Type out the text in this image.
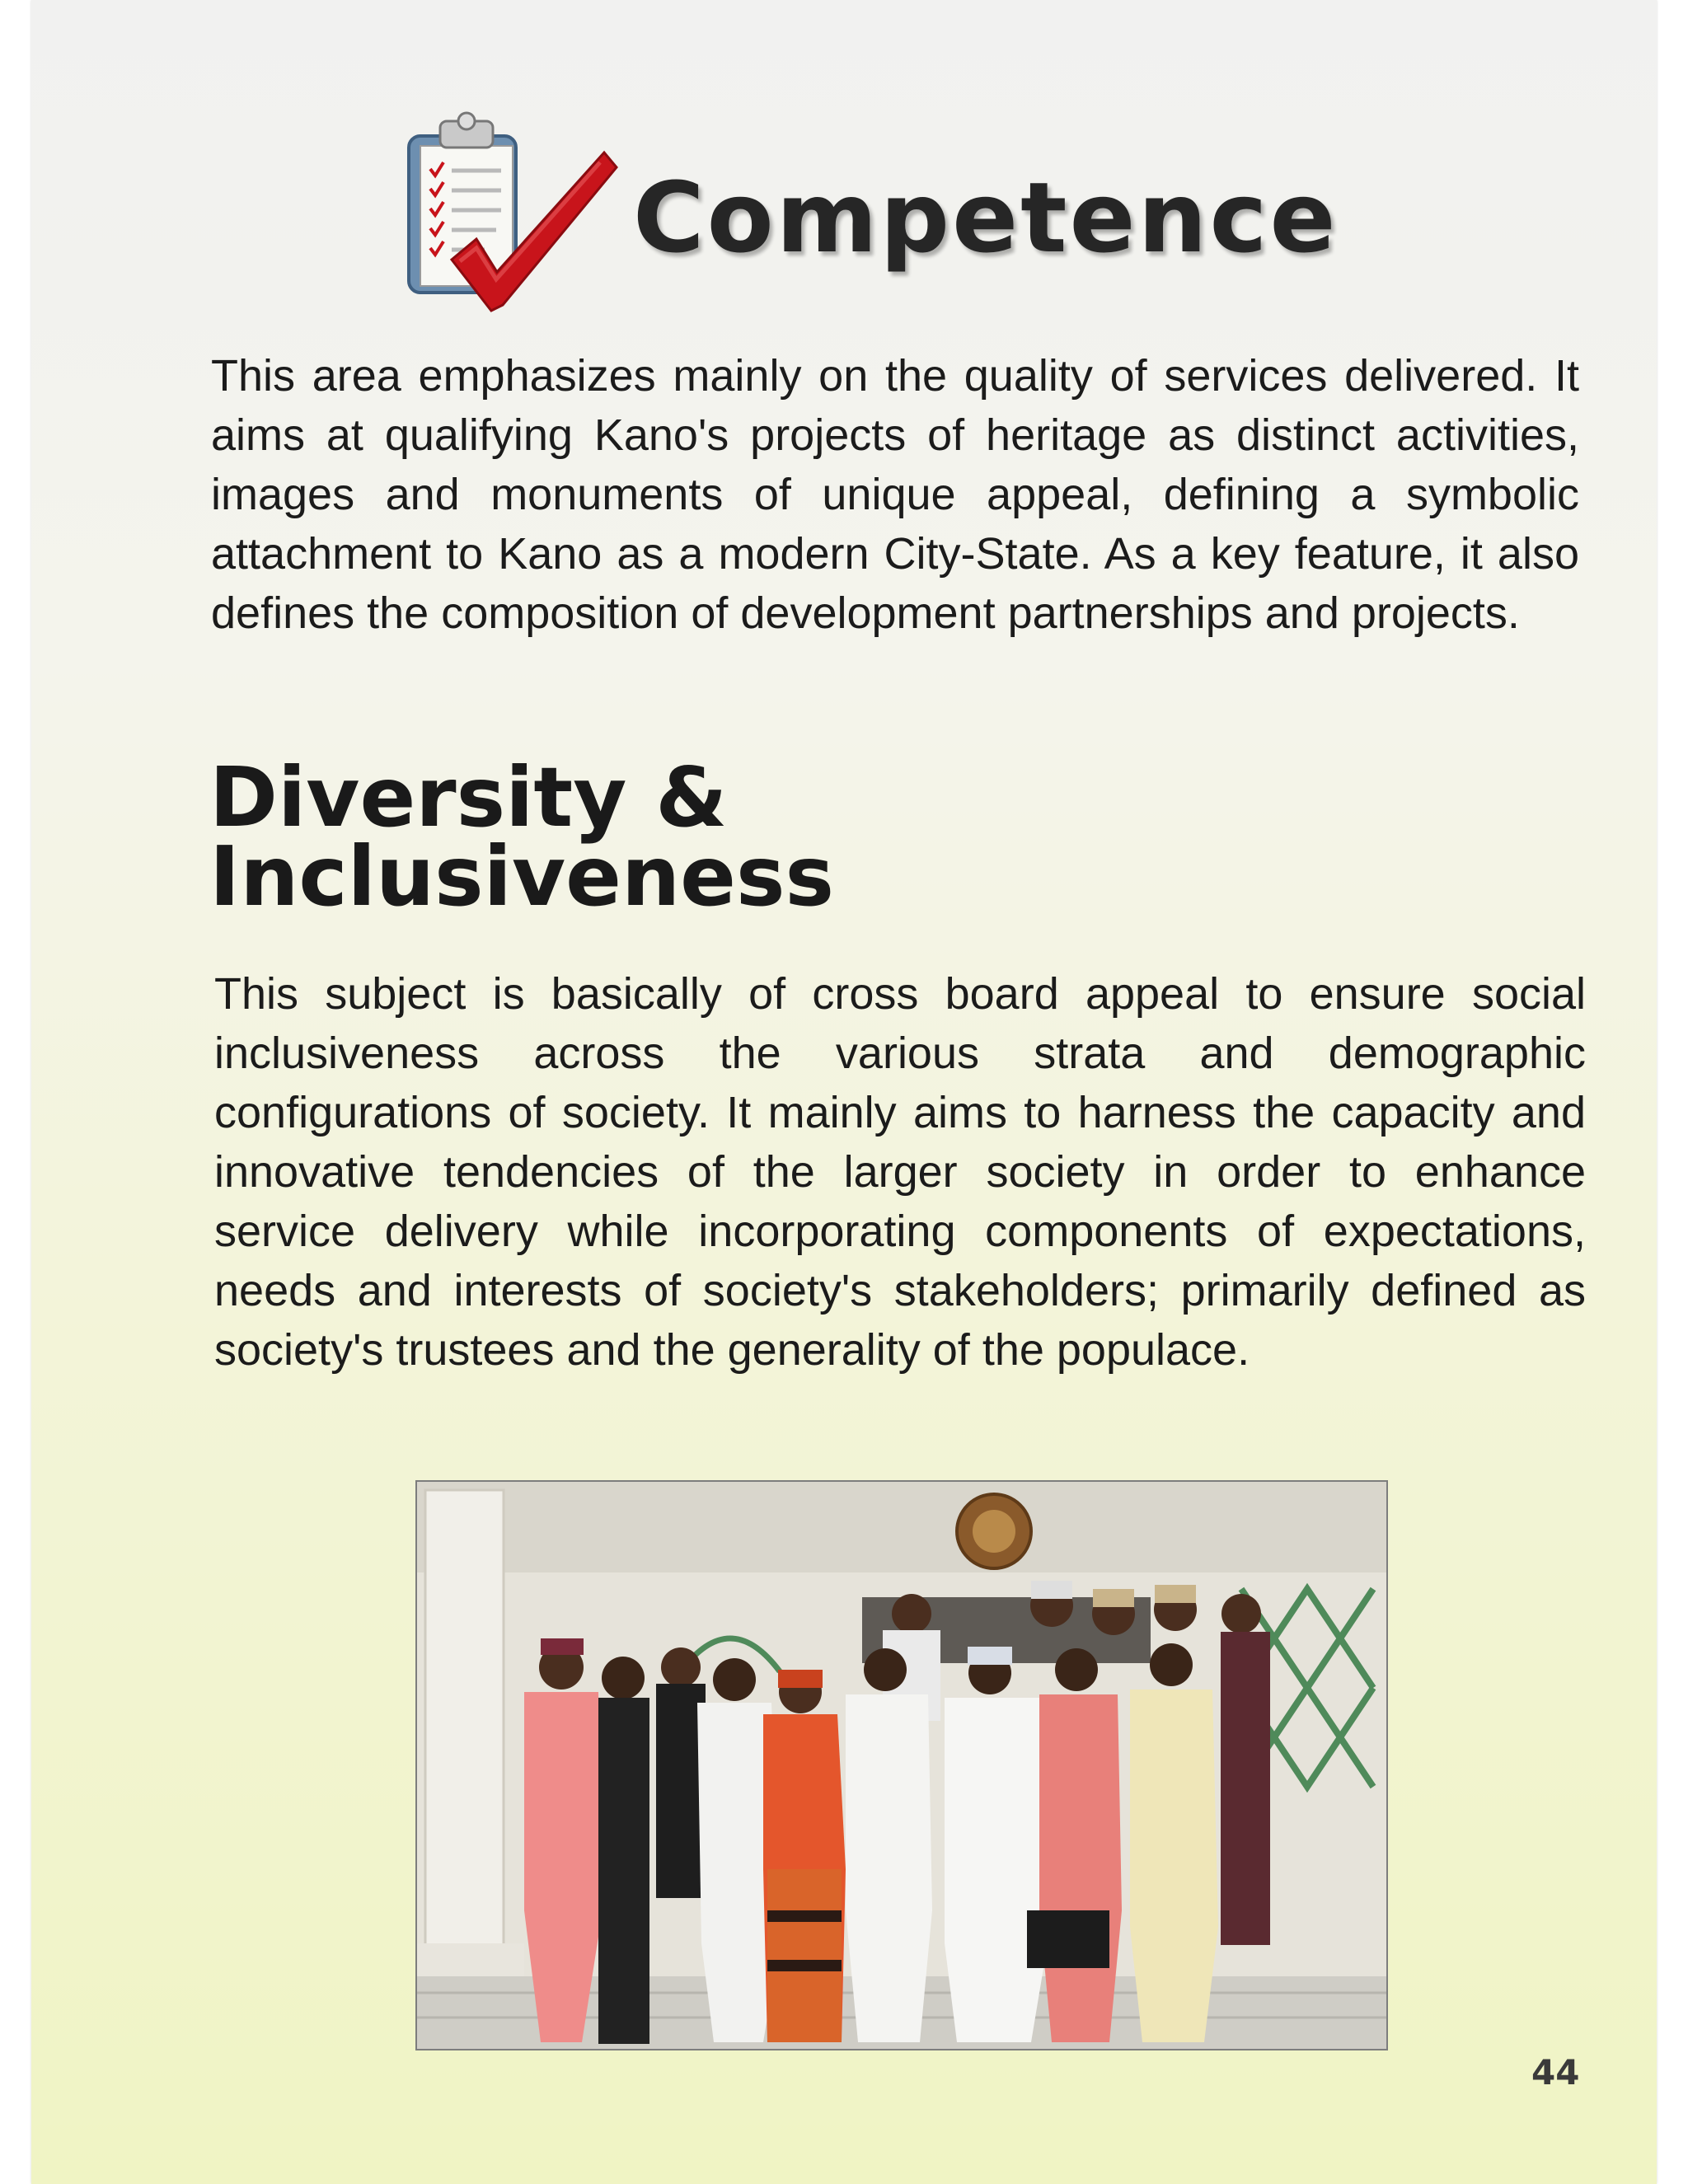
Competence

This area emphasizes mainly on the quality of services delivered. It aims at qualifying Kano's projects of heritage as distinct activities, images and monuments of unique appeal, defining a symbolic attachment to Kano as a modern City-State. As a key feature, it also defines the composition of development partnerships and projects.

Diversity & Inclusiveness

This subject is basically of cross board appeal to ensure social inclusiveness across the various strata and demographic configurations of society. It mainly aims to harness the capacity and innovative tendencies of the larger society in order to enhance service delivery while incorporating components of expectations, needs and interests of society's stakeholders; primarily defined as society's trustees and the generality of the populace.

44
